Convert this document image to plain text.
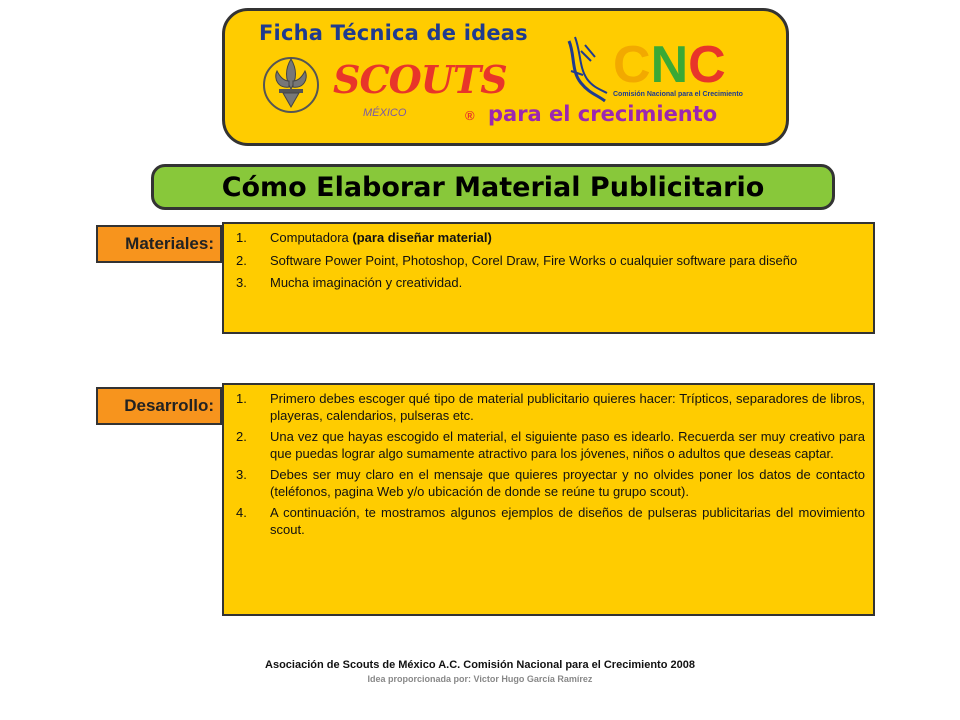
Ficha Técnica de ideas
SCOUTS
MÉXICO	®
CNC
Comisión Nacional para el Crecimiento
para el crecimiento
Cómo Elaborar Material Publicitario
Materiales:	1. Computadora (para diseñar material)
2. Software Power Point, Photoshop, Corel Draw, Fire Works o cualquier software para diseño
3. Mucha imaginación y creatividad.
Desarrollo:	1. Primero debes escoger qué tipo de material publicitario quieres hacer: Trípticos, separadores de libros, playeras, calendarios, pulseras etc.
2. Una vez que hayas escogido el material, el siguiente paso es idearlo. Recuerda ser muy creativo para que puedas lograr algo sumamente atractivo para los jóvenes, niños o adultos que deseas captar.
3. Debes ser muy claro en el mensaje que quieres proyectar y no olvides poner los datos de contacto (teléfonos, pagina Web y/o ubicación de donde se reúne tu grupo scout).
4. A continuación, te mostramos algunos ejemplos de diseños de pulseras publicitarias del movimiento scout.
Asociación de Scouts de México A.C. Comisión Nacional para el Crecimiento 2008
Idea proporcionada por: Victor Hugo García Ramírez
